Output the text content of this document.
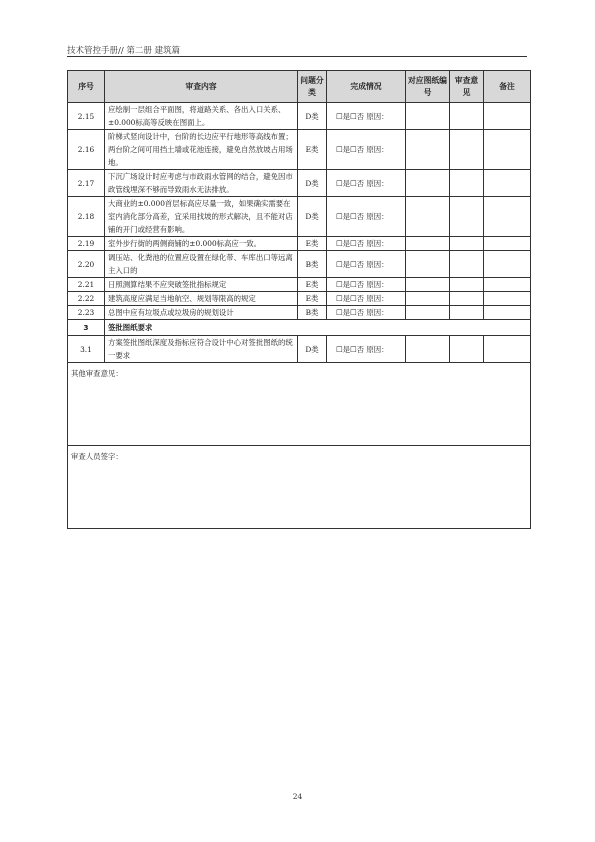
技术管控手册// 第二册 建筑篇
序号	审查内容	问题分类	完成情况	对应图纸编号	审查意见	备注
2.15	应绘制一层组合平面图，将道路关系、各出入口关系、±0.000标高等反映在图面上。	D类	☐是☐否 原因：			
2.16	阶梯式竖向设计中，台阶的长边应平行地形等高线布置；两台阶之间可用挡土墙或花池连接，避免自然放坡占用场地。	E类	☐是☐否 原因：			
2.17	下沉广场设计时应考虑与市政雨水管网的结合，避免因市政管线埋深不够而导致雨水无法排放。	D类	☐是☐否 原因：			
2.18	大商业的±0.000首层标高应尽量一致，如果确实需要在室内消化部分高差，宜采用找坡的形式解决，且不能对店铺的开门或经营有影响。	D类	☐是☐否 原因：			
2.19	室外步行街的两侧商铺的±0.000标高应一致。	E类	☐是☐否 原因：			
2.20	调压站、化粪池的位置应设置在绿化带、车库出口等远离主入口的	B类	☐是☐否 原因：			
2.21	日照测算结果不应突破签批指标规定	E类	☐是☐否 原因：			
2.22	建筑高度应满足当地航空、规划等限高的规定	E类	☐是☐否 原因：			
2.23	总图中应有垃圾点或垃圾房的规划设计	B类	☐是☐否 原因：			
3	签批图纸要求					
3.1	方案签批图纸深度及指标应符合设计中心对签批图纸的统一要求	D类	☐是☐否 原因：			
其他审查意见：						
审查人员签字：						
24
